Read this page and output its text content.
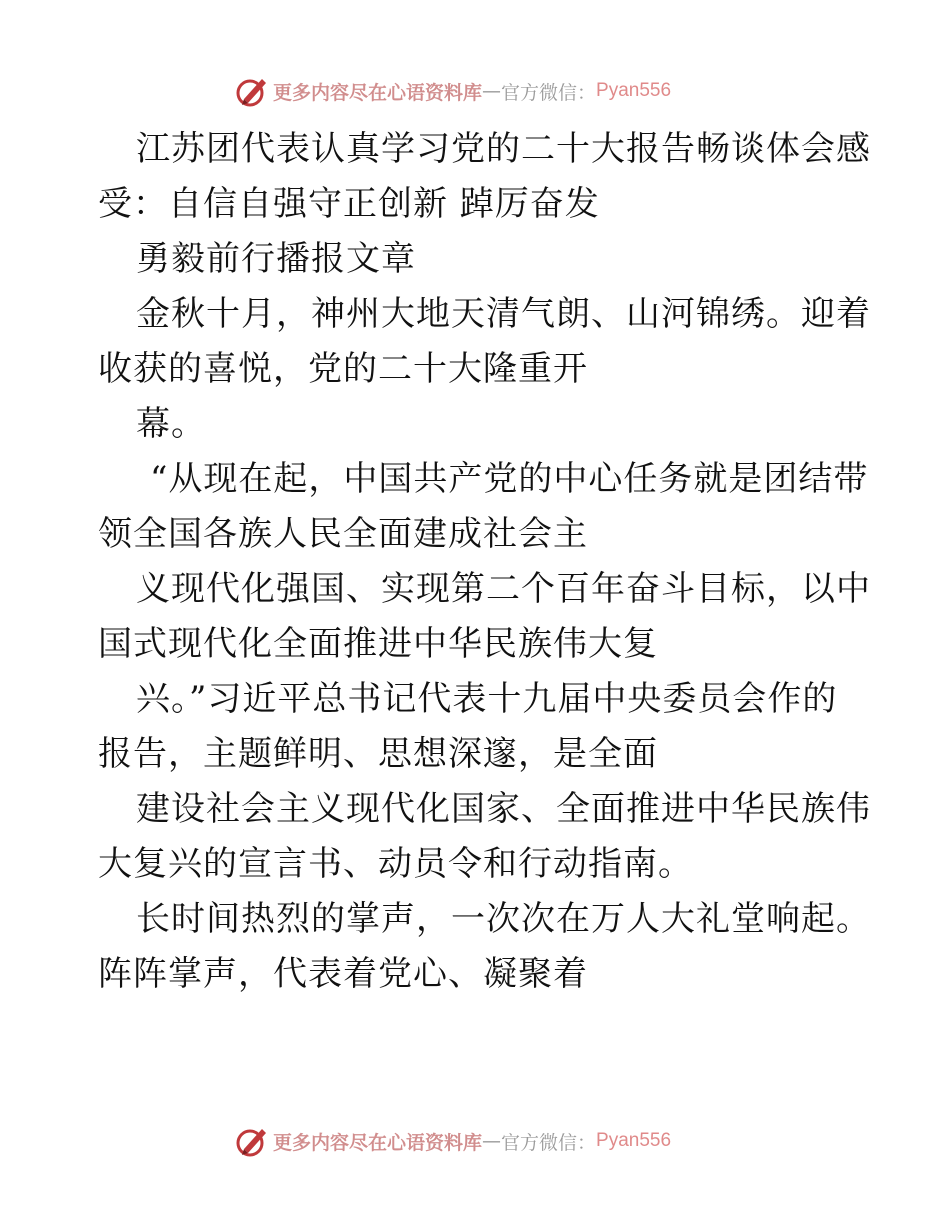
更多内容尽在心语资料库 — 官方微信： Pyan556
江苏团代表认真学习党的二十大报告畅谈体会感
受：自信自强守正创新 踔厉奋发
勇毅前行播报文章
金秋十月，神州大地天清气朗、山河锦绣。迎着
收获的喜悦，党的二十大隆重开
幕。
“从现在起，中国共产党的中心任务就是团结带
领全国各族人民全面建成社会主
义现代化强国、实现第二个百年奋斗目标，以中
国式现代化全面推进中华民族伟大复
兴。”习近平总书记代表十九届中央委员会作的
报告，主题鲜明、思想深邃，是全面
建设社会主义现代化国家、全面推进中华民族伟
大复兴的宣言书、动员令和行动指南。
长时间热烈的掌声，一次次在万人大礼堂响起。
阵阵掌声，代表着党心、凝聚着
更多内容尽在心语资料库 — 官方微信： Pyan556
